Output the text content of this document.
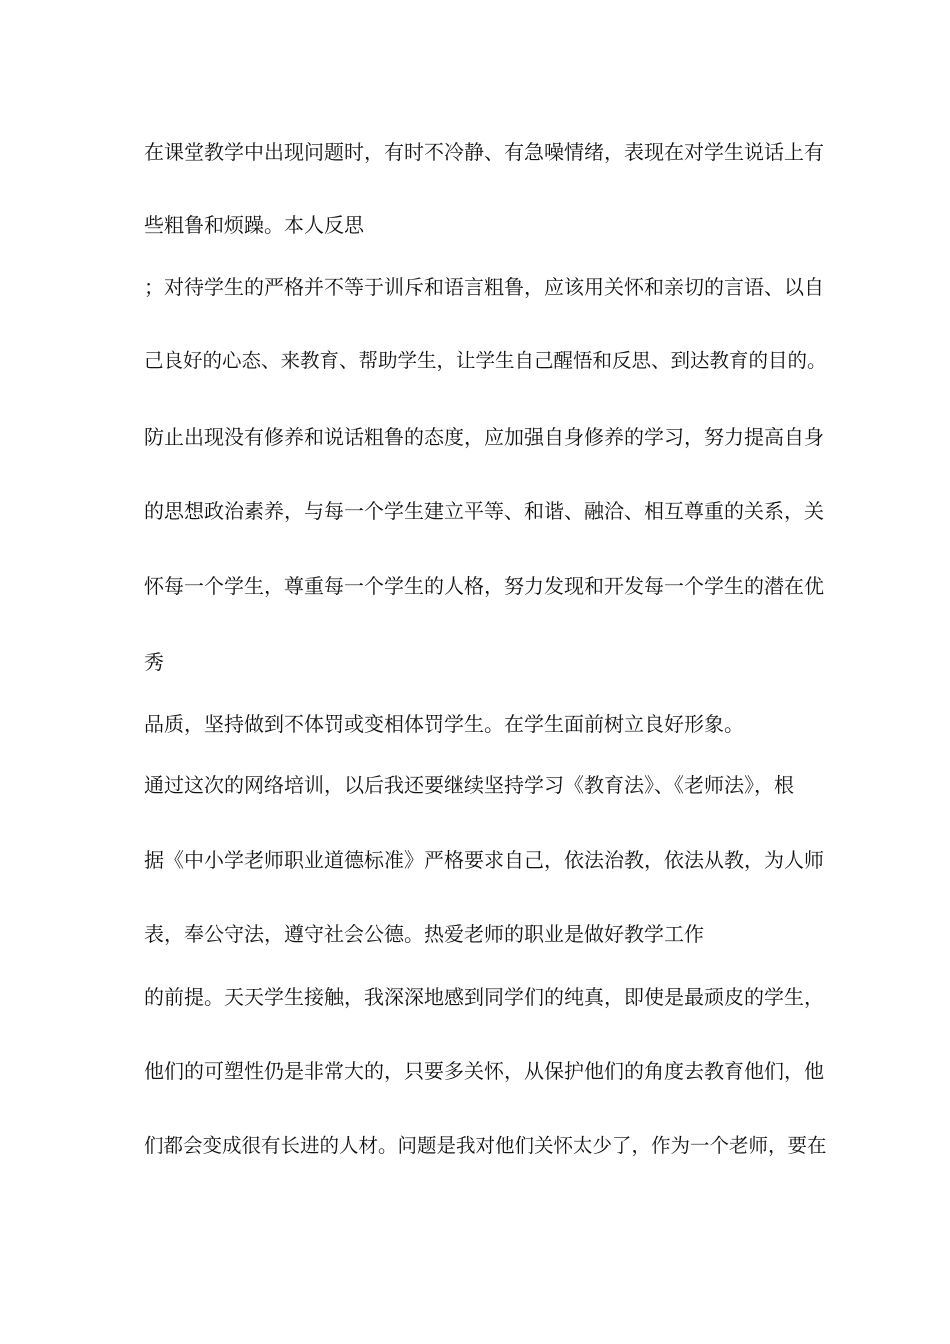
在课堂教学中出现问题时，有时不冷静、有急噪情绪，表现在对学生说话上有
些粗鲁和烦躁。本人反思
；对待学生的严格并不等于训斥和语言粗鲁，应该用关怀和亲切的言语、以自
己良好的心态、来教育、帮助学生，让学生自己醒悟和反思、到达教育的目的。
防止出现没有修养和说话粗鲁的态度，应加强自身修养的学习，努力提高自身
的思想政治素养，与每一个学生建立平等、和谐、融洽、相互尊重的关系，关
怀每一个学生，尊重每一个学生的人格，努力发现和开发每一个学生的潜在优
秀
品质，坚持做到不体罚或变相体罚学生。在学生面前树立良好形象。
通过这次的网络培训，以后我还要继续坚持学习《教育法》、《老师法》，根
据《中小学老师职业道德标准》严格要求自己，依法治教，依法从教，为人师
表，奉公守法，遵守社会公德。热爱老师的职业是做好教学工作
的前提。天天学生接触，我深深地感到同学们的纯真，即使是最顽皮的学生，
他们的可塑性仍是非常大的，只要多关怀，从保护他们的角度去教育他们，他
们都会变成很有长进的人材。问题是我对他们关怀太少了，作为一个老师，要在
